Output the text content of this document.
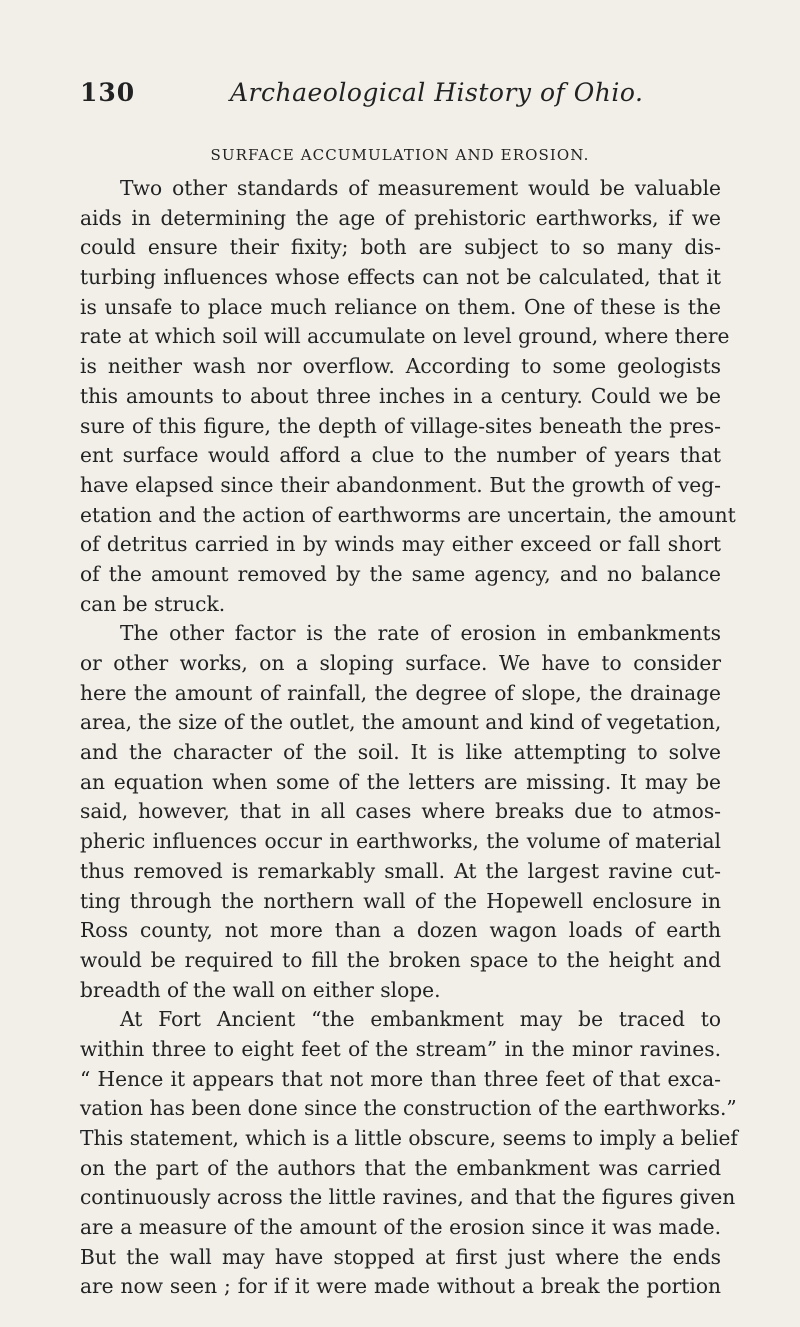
130	Archaeological History of Ohio.
SURFACE ACCUMULATION AND EROSION.
Two other standards of measurement would be valuable
aids in determining the age of prehistoric earthworks, if we
could ensure their fixity; both are subject to so many dis-
turbing influences whose effects can not be calculated, that it
is unsafe to place much reliance on them. One of these is the
rate at which soil will accumulate on level ground, where there
is neither wash nor overflow. According to some geologists
this amounts to about three inches in a century. Could we be
sure of this figure, the depth of village-sites beneath the pres-
ent surface would afford a clue to the number of years that
have elapsed since their abandonment. But the growth of veg-
etation and the action of earthworms are uncertain, the amount
of detritus carried in by winds may either exceed or fall short
of the amount removed by the same agency, and no balance
can be struck.
The other factor is the rate of erosion in embankments
or other works, on a sloping surface. We have to consider
here the amount of rainfall, the degree of slope, the drainage
area, the size of the outlet, the amount and kind of vegetation,
and the character of the soil. It is like attempting to solve
an equation when some of the letters are missing. It may be
said, however, that in all cases where breaks due to atmos-
pheric influences occur in earthworks, the volume of material
thus removed is remarkably small. At the largest ravine cut-
ting through the northern wall of the Hopewell enclosure in
Ross county, not more than a dozen wagon loads of earth
would be required to fill the broken space to the height and
breadth of the wall on either slope.
At Fort Ancient “the embankment may be traced to
within three to eight feet of the stream” in the minor ravines.
“ Hence it appears that not more than three feet of that exca-
vation has been done since the construction of the earthworks.”
This statement, which is a little obscure, seems to imply a belief
on the part of the authors that the embankment was carried
continuously across the little ravines, and that the figures given
are a measure of the amount of the erosion since it was made.
But the wall may have stopped at first just where the ends
are now seen ; for if it were made without a break the portion
